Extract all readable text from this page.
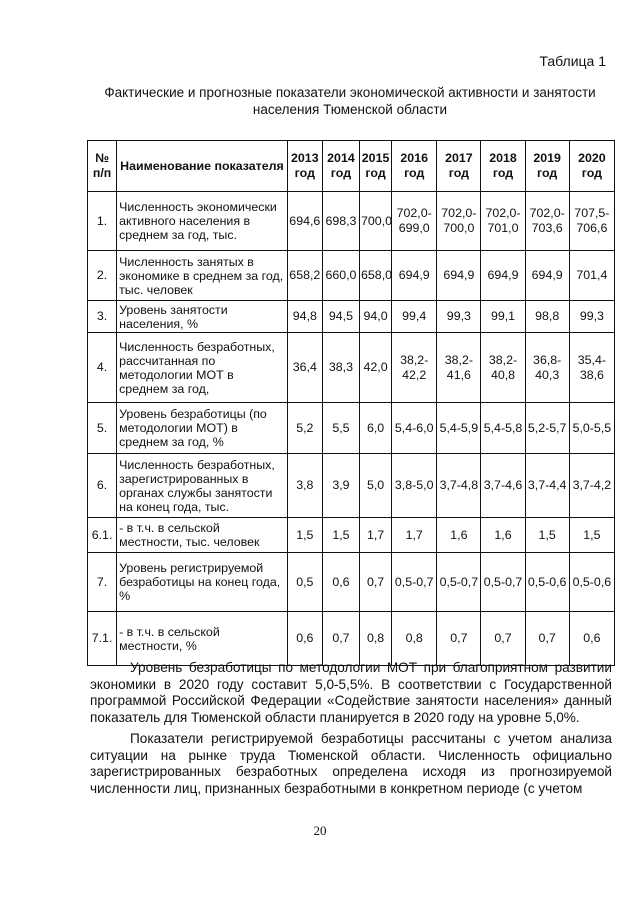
Таблица 1
Фактические и прогнозные показатели экономической активности и занятости населения Тюменской области
№ п/п	Наименование показателя	2013 год	2014 год	2015 год	2016 год	2017 год	2018 год	2019 год	2020 год
1.	Численность экономически активного населения в среднем за год, тыс.	694,6	698,3	700,0	702,0-699,0	702,0-700,0	702,0-701,0	702,0-703,6	707,5-706,6
2.	Численность занятых в экономике в среднем за год, тыс. человек	658,2	660,0	658,0	694,9	694,9	694,9	694,9	701,4
3.	Уровень занятости населения, %	94,8	94,5	94,0	99,4	99,3	99,1	98,8	99,3
4.	Численность безработных, рассчитанная по методологии МОТ в среднем за год,	36,4	38,3	42,0	38,2-42,2	38,2-41,6	38,2-40,8	36,8-40,3	35,4-38,6
5.	Уровень безработицы (по методологии МОТ) в среднем за год, %	5,2	5,5	6,0	5,4-6,0	5,4-5,9	5,4-5,8	5,2-5,7	5,0-5,5
6.	Численность безработных, зарегистрированных в органах службы занятости на конец года, тыс.	3,8	3,9	5,0	3,8-5,0	3,7-4,8	3,7-4,6	3,7-4,4	3,7-4,2
6.1.	- в т.ч. в сельской местности, тыс. человек	1,5	1,5	1,7	1,7	1,6	1,6	1,5	1,5
7.	Уровень регистрируемой безработицы на конец года, %	0,5	0,6	0,7	0,5-0,7	0,5-0,7	0,5-0,7	0,5-0,6	0,5-0,6
7.1.	- в т.ч. в сельской местности, %	0,6	0,7	0,8	0,8	0,7	0,7	0,7	0,6

Уровень безработицы по методологии МОТ при благоприятном развитии экономики в 2020 году составит 5,0-5,5%. В соответствии с Государственной программой Российской Федерации «Содействие занятости населения» данный показатель для Тюменской области планируется в 2020 году на уровне 5,0%.

Показатели регистрируемой безработицы рассчитаны с учетом анализа ситуации на рынке труда Тюменской области. Численность официально зарегистрированных безработных определена исходя из прогнозируемой численности лиц, признанных безработными в конкретном периоде (с учетом

20
